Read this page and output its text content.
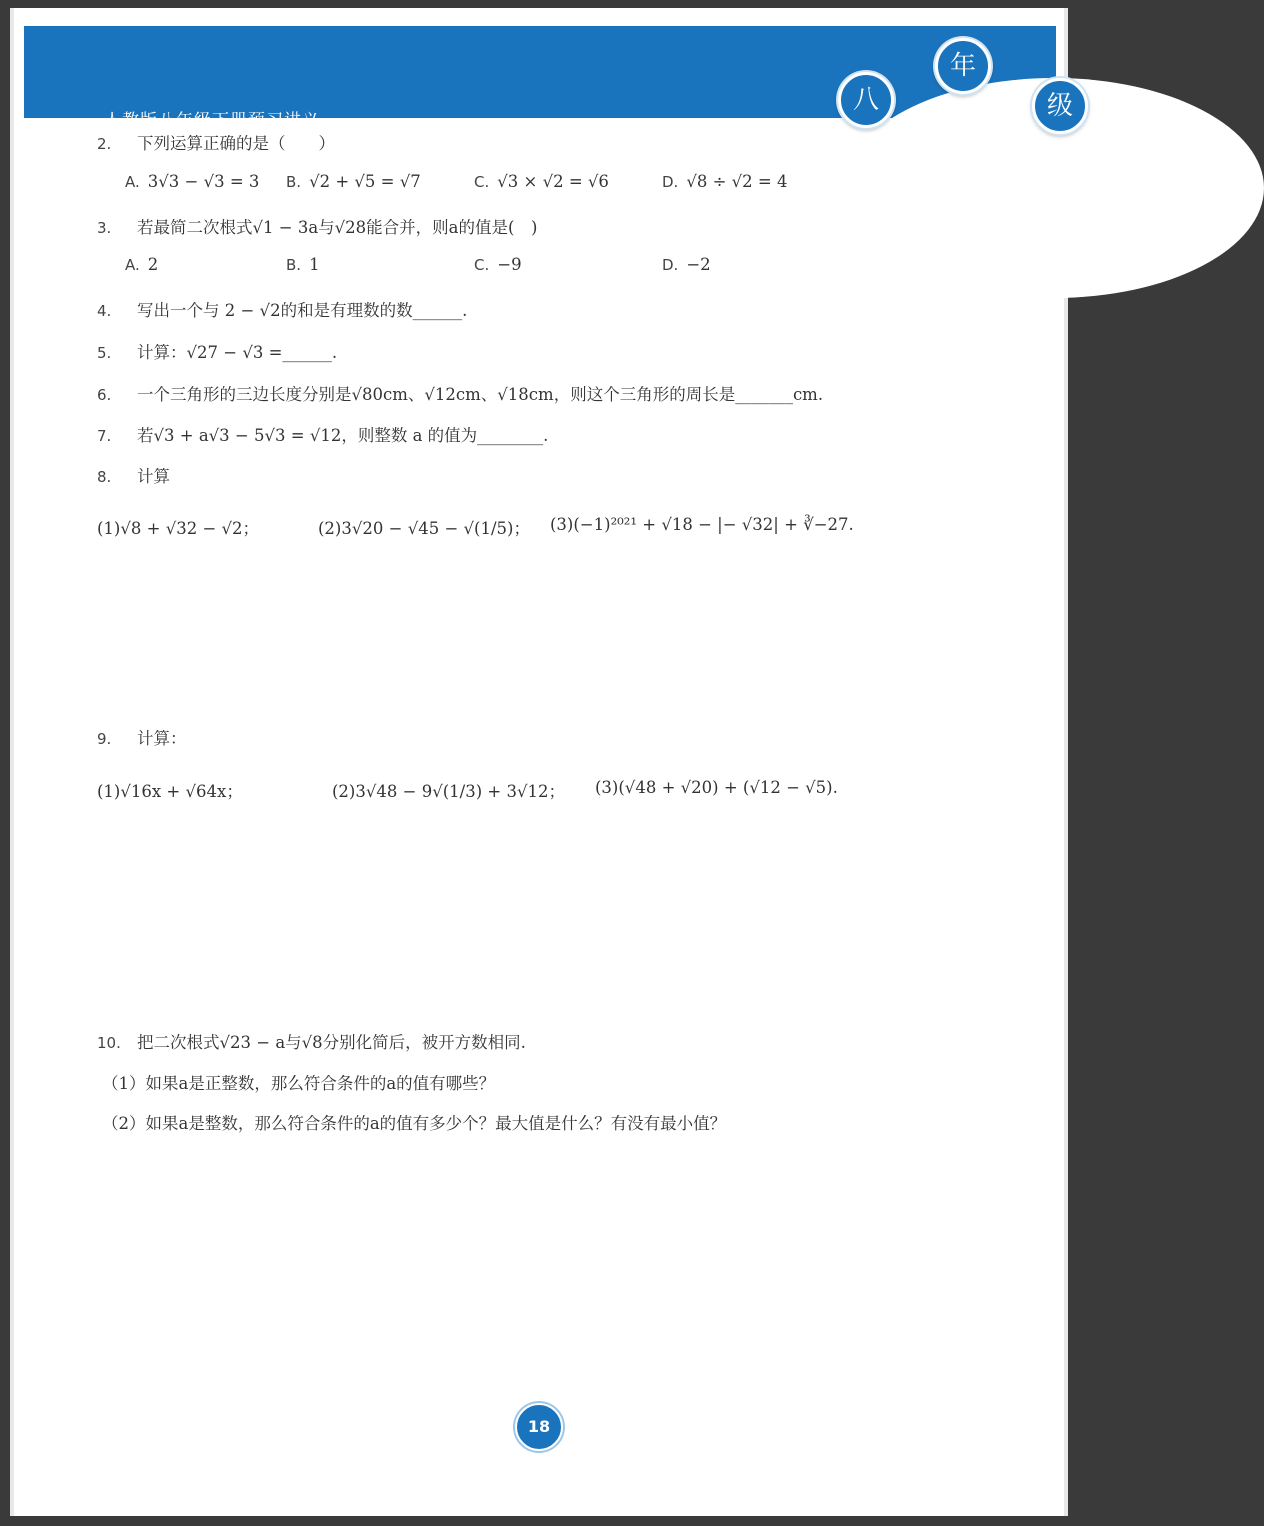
人教版八年级下册预习讲义
八
年
级
2. 下列运算正确的是（　　）
A. 3√3 − √3 = 3 B. √2 + √5 = √7	C. √3 × √2 = √6	D. √8 ÷ √2 = 4
3. 若最简二次根式√1 − 3a与√28能合并，则a的值是(　)
A. 2	B. 1	C. −9	D. −2
4. 写出一个与 2 − √2的和是有理数的数______.
5. 计算：√27 − √3 =______.
6. 一个三角形的三边长度分别是√80cm、√12cm、√18cm，则这个三角形的周长是_______cm.
7. 若√3 + a√3 − 5√3 = √12，则整数 a 的值为________.
8. 计算
(1)√8 + √32 − √2；	(2)3√20 − √45 − √(1/5)； (3)(−1)²⁰²¹ + √18 − |− √32| + ∛−27.
9. 计算：
(1)√16x + √64x；	(2)3√48 − 9√(1/3) + 3√12； (3)(√48 + √20) + (√12 − √5).
10. 把二次根式√23 − a与√8分别化简后，被开方数相同.
（1）如果a是正整数，那么符合条件的a的值有哪些？
（2）如果a是整数，那么符合条件的a的值有多少个？最大值是什么？有没有最小值？
18
